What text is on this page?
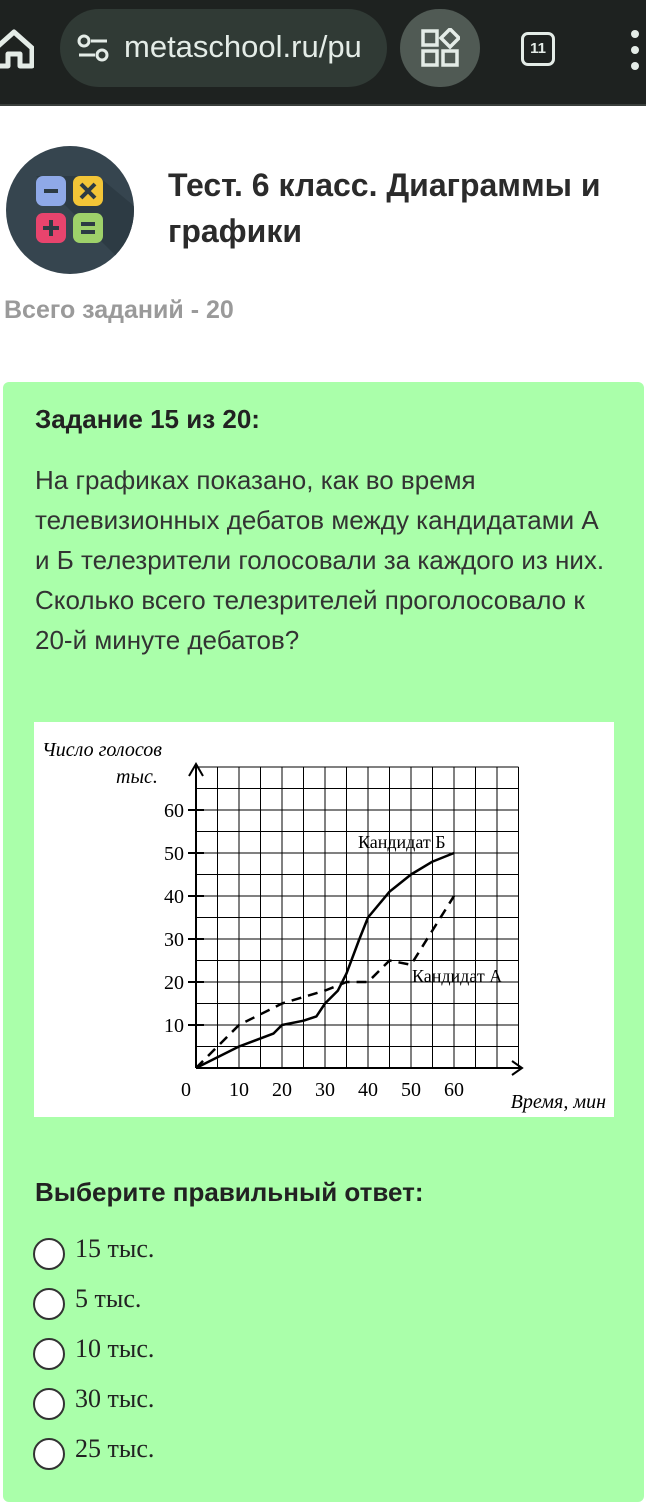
metaschool.ru/pu	11
Тест. 6 класс. Диаграммы и графики
Всего заданий - 20
Задание 15 из 20:

На графиках показано, как во время телевизионных дебатов между кандидатами А и Б телезрители голосовали за каждого из них. Сколько всего телезрителей проголосовало к 20-й минуте дебатов?

10 20 30 40 50 60
10
20
30
40
50
60
Число голосов
тыс.
Время, мин
0
Кандидат Б
Кандидат А
Выберите правильный ответ:
15 тыс.
5 тыс.
10 тыс.
30 тыс.
25 тыс.
